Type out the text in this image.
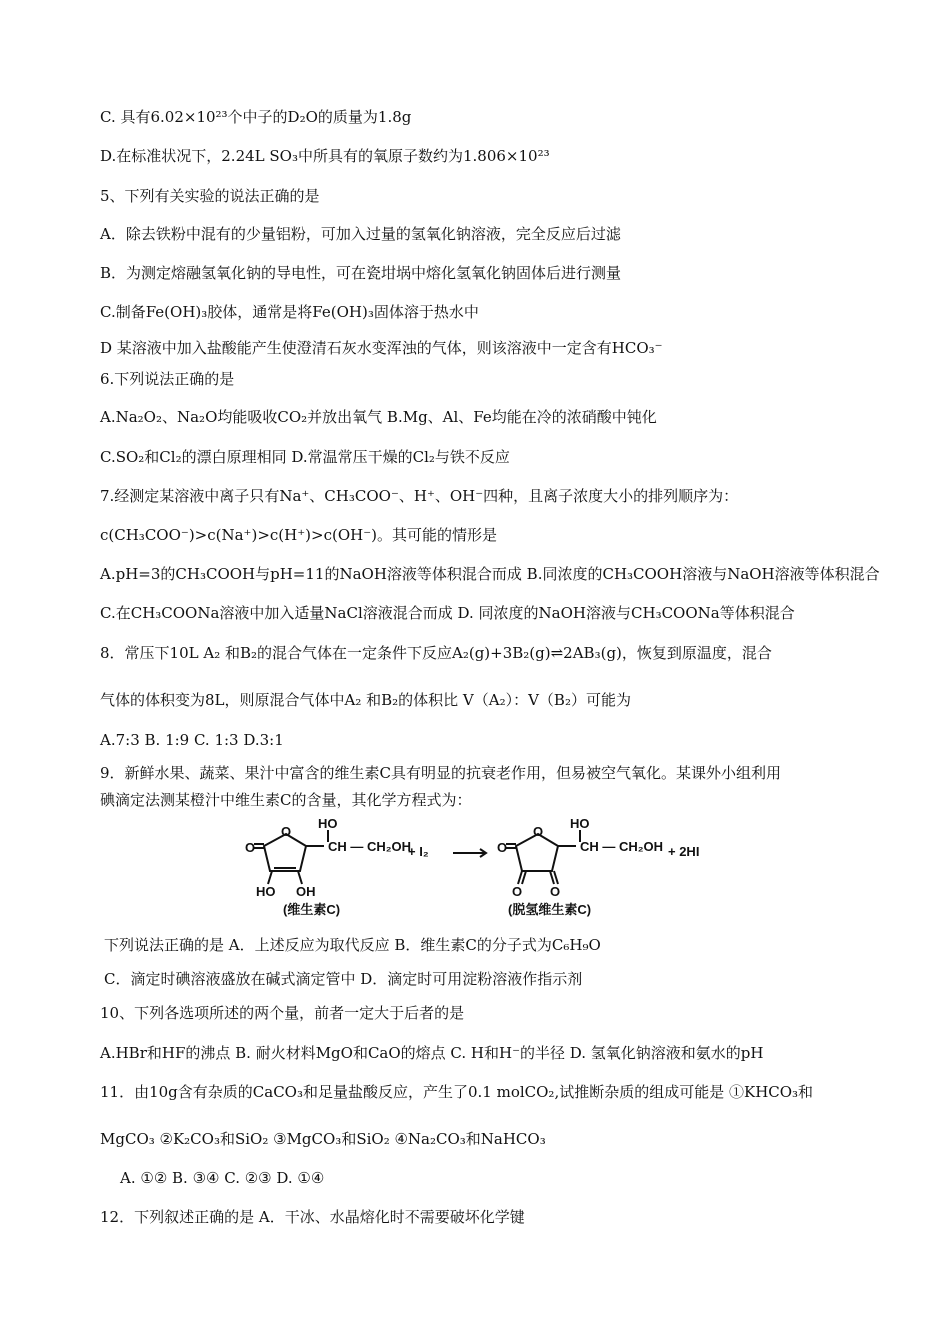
C. 具有6.02×10²³个中子的D₂O的质量为1.8g
D.在标准状况下，2.24L SO₃中所具有的氧原子数约为1.806×10²³
5、下列有关实验的说法正确的是
A．除去铁粉中混有的少量铝粉，可加入过量的氢氧化钠溶液，完全反应后过滤
B．为测定熔融氢氧化钠的导电性，可在瓷坩埚中熔化氢氧化钠固体后进行测量
C.制备Fe(OH)₃胶体，通常是将Fe(OH)₃固体溶于热水中
D 某溶液中加入盐酸能产生使澄清石灰水变浑浊的气体，则该溶液中一定含有HCO₃⁻
6.下列说法正确的是
A.Na₂O₂、Na₂O均能吸收CO₂并放出氧气 B.Mg、Al、Fe均能在冷的浓硝酸中钝化
C.SO₂和Cl₂的漂白原理相同 D.常温常压干燥的Cl₂与铁不反应
7.经测定某溶液中离子只有Na⁺、CH₃COO⁻、H⁺、OH⁻四种，且离子浓度大小的排列顺序为：
c(CH₃COO⁻)>c(Na⁺)>c(H⁺)>c(OH⁻)。其可能的情形是
A.pH=3的CH₃COOH与pH=11的NaOH溶液等体积混合而成 B.同浓度的CH₃COOH溶液与NaOH溶液等体积混合
C.在CH₃COONa溶液中加入适量NaCl溶液混合而成 D. 同浓度的NaOH溶液与CH₃COONa等体积混合
8．常压下10L A₂ 和B₂的混合气体在一定条件下反应A₂(g)+3B₂(g)⇌2AB₃(g)，恢复到原温度，混合
气体的体积变为8L，则原混合气体中A₂ 和B₂的体积比 V（A₂）：V（B₂）可能为
A.7:3 B. 1:9 C. 1:3 D.3:1
9．新鲜水果、蔬菜、果汁中富含的维生素C具有明显的抗衰老作用，但易被空气氧化。某课外小组利用
碘滴定法测某橙汁中维生素C的含量，其化学方程式为：
O
O
HO
HO OH
CH — CH₂OH
+ I₂
O
O
HO
O O
CH — CH₂OH + 2HI
(维生素C)	(脱氢维生素C)
下列说法正确的是 A．上述反应为取代反应 B．维生素C的分子式为C₆H₉O
C．滴定时碘溶液盛放在碱式滴定管中 D．滴定时可用淀粉溶液作指示剂
10、下列各选项所述的两个量，前者一定大于后者的是
A.HBr和HF的沸点 B. 耐火材料MgO和CaO的熔点 C. H和H⁻的半径 D. 氢氧化钠溶液和氨水的pH
11．由10g含有杂质的CaCO₃和足量盐酸反应，产生了0.1 molCO₂,试推断杂质的组成可能是 ①KHCO₃和
MgCO₃ ②K₂CO₃和SiO₂ ③MgCO₃和SiO₂ ④Na₂CO₃和NaHCO₃
A. ①② B. ③④ C. ②③ D. ①④
12．下列叙述正确的是 A．干冰、水晶熔化时不需要破坏化学键
